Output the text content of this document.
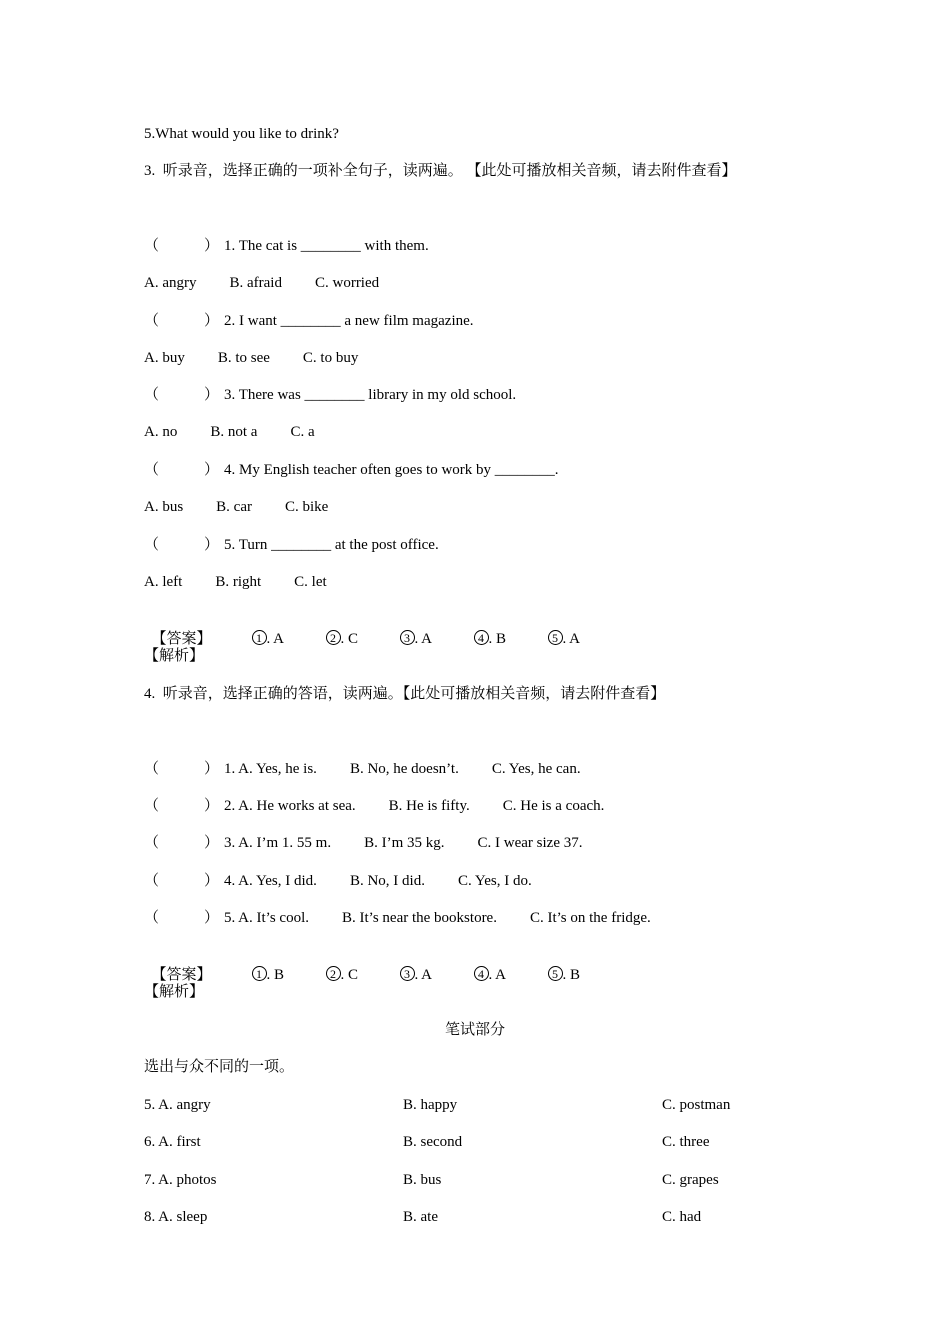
5.What would you like to drink?
3.  听录音，选择正确的一项补全句子，读两遍。 【此处可播放相关音频，请去附件查看】
（            ） 1. The cat is ________ with them.
A. angry B. afraid C. worried
（            ） 2. I want ________ a new film magazine.
A. buy B. to see C. to buy
（            ） 3. There was ________ library in my old school.
A. no B. not a C. a
（            ） 4. My English teacher often goes to work by ________.
A. bus B. car C. bike
（            ） 5. Turn ________ at the post office.
A. left B. right C. let

【答案】	1 . A	2 . C	3 . A	4 . B	5 . A

【解析】
4.  听录音，选择正确的答语，读两遍。【此处可播放相关音频，请去附件查看】
（            ） 1. A. Yes, he is. B. No, he doesn’t. C. Yes, he can.
（            ） 2. A. He works at sea. B. He is fifty. C. He is a coach.
（            ） 3. A. I’m 1. 55 m. B. I’m 35 kg. C. I wear size 37.
（            ） 4. A. Yes, I did. B. No, I did. C. Yes, I do.
（            ） 5. A. It’s cool. B. It’s near the bookstore. C. It’s on the fridge.

【答案】	1 . B	2 . C	3 . A	4 . A	5 . B

【解析】
笔试部分
选出与众不同的一项。
5. A. angry	B. happy	C. postman
6. A. first	B. second	C. three
7. A. photos	B. bus	C. grapes
8. A. sleep	B. ate	C. had
